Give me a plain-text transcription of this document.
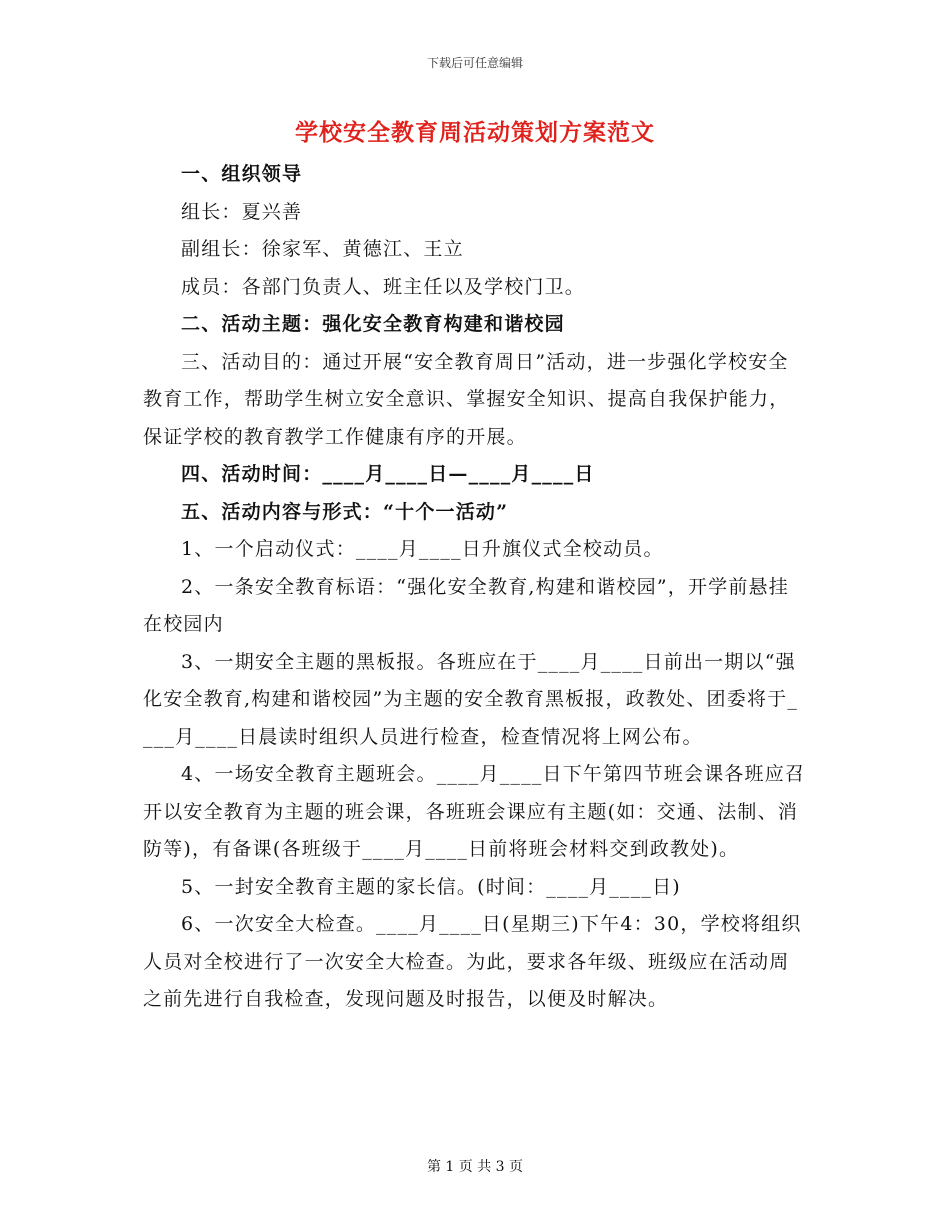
下载后可任意编辑
学校安全教育周活动策划方案范文

一、组织领导

组长：夏兴善

副组长：徐家军、黄德江、王立

成员：各部门负责人、班主任以及学校门卫。

二、活动主题：强化安全教育构建和谐校园

三、活动目的：通过开展“安全教育周日”活动，进一步强化学校安全教育工作，帮助学生树立安全意识、掌握安全知识、提高自我保护能力，保证学校的教育教学工作健康有序的开展。

四、活动时间：____月____日—____月____日

五、活动内容与形式：“十个一活动”

1、一个启动仪式：____月____日升旗仪式全校动员。

2、一条安全教育标语：“强化安全教育,构建和谐校园”，开学前悬挂在校园内

3、一期安全主题的黑板报。各班应在于____月____日前出一期以“强化安全教育,构建和谐校园”为主题的安全教育黑板报，政教处、团委将于____月____日晨读时组织人员进行检查，检查情况将上网公布。

4、一场安全教育主题班会。____月____日下午第四节班会课各班应召开以安全教育为主题的班会课，各班班会课应有主题(如：交通、法制、消防等)，有备课(各班级于____月____日前将班会材料交到政教处)。

5、一封安全教育主题的家长信。(时间：____月____日)

6、一次安全大检查。____月____日(星期三)下午4：30，学校将组织人员对全校进行了一次安全大检查。为此，要求各年级、班级应在活动周之前先进行自我检查，发现问题及时报告，以便及时解决。

第 1 页 共 3 页
